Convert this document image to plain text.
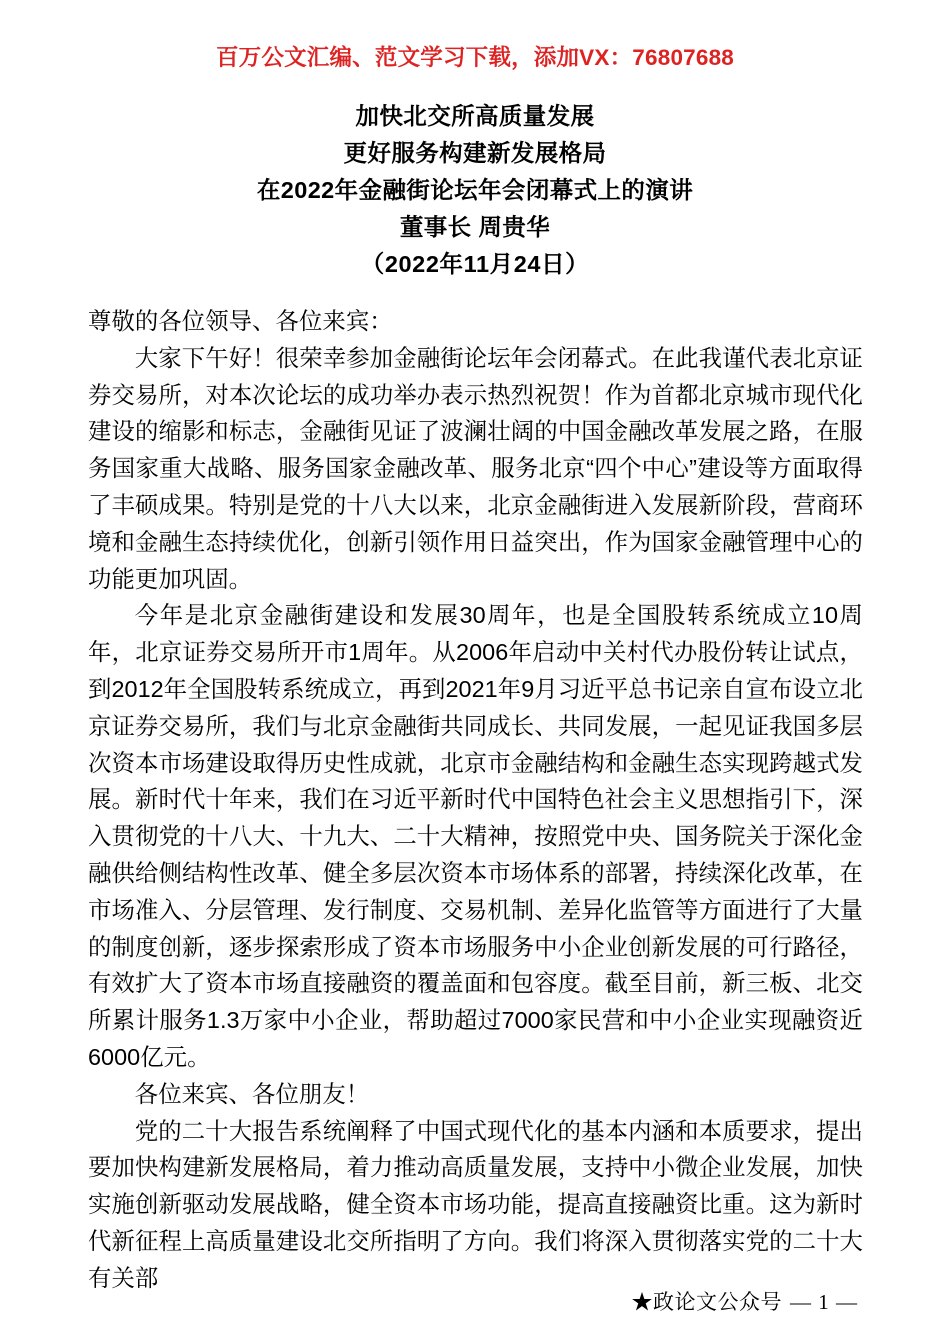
百万公文汇编、范文学习下载，添加VX：76807688
加快北交所高质量发展
更好服务构建新发展格局
在2022年金融街论坛年会闭幕式上的演讲
董事长 周贵华
（2022年11月24日）

尊敬的各位领导、各位来宾：

大家下午好！很荣幸参加金融街论坛年会闭幕式。在此我谨代表北京证券交易所，对本次论坛的成功举办表示热烈祝贺！作为首都北京城市现代化建设的缩影和标志，金融街见证了波澜壮阔的中国金融改革发展之路，在服务国家重大战略、服务国家金融改革、服务北京“四个中心”建设等方面取得了丰硕成果。特别是党的十八大以来，北京金融街进入发展新阶段，营商环境和金融生态持续优化，创新引领作用日益突出，作为国家金融管理中心的功能更加巩固。

今年是北京金融街建设和发展30周年，也是全国股转系统成立10周年，北京证券交易所开市1周年。从2006年启动中关村代办股份转让试点，到2012年全国股转系统成立，再到2021年9月习近平总书记亲自宣布设立北京证券交易所，我们与北京金融街共同成长、共同发展，一起见证我国多层次资本市场建设取得历史性成就，北京市金融结构和金融生态实现跨越式发展。新时代十年来，我们在习近平新时代中国特色社会主义思想指引下，深入贯彻党的十八大、十九大、二十大精神，按照党中央、国务院关于深化金融供给侧结构性改革、健全多层次资本市场体系的部署，持续深化改革，在市场准入、分层管理、发行制度、交易机制、差异化监管等方面进行了大量的制度创新，逐步探索形成了资本市场服务中小企业创新发展的可行路径，有效扩大了资本市场直接融资的覆盖面和包容度。截至目前，新三板、北交所累计服务1.3万家中小企业，帮助超过7000家民营和中小企业实现融资近6000亿元。

各位来宾、各位朋友！

党的二十大报告系统阐释了中国式现代化的基本内涵和本质要求，提出要加快构建新发展格局，着力推动高质量发展，支持中小微企业发展，加快实施创新驱动发展战略，健全资本市场功能，提高直接融资比重。这为新时代新征程上高质量建设北交所指明了方向。我们将深入贯彻落实党的二十大有关部

★政论文公众号 — 1 —
